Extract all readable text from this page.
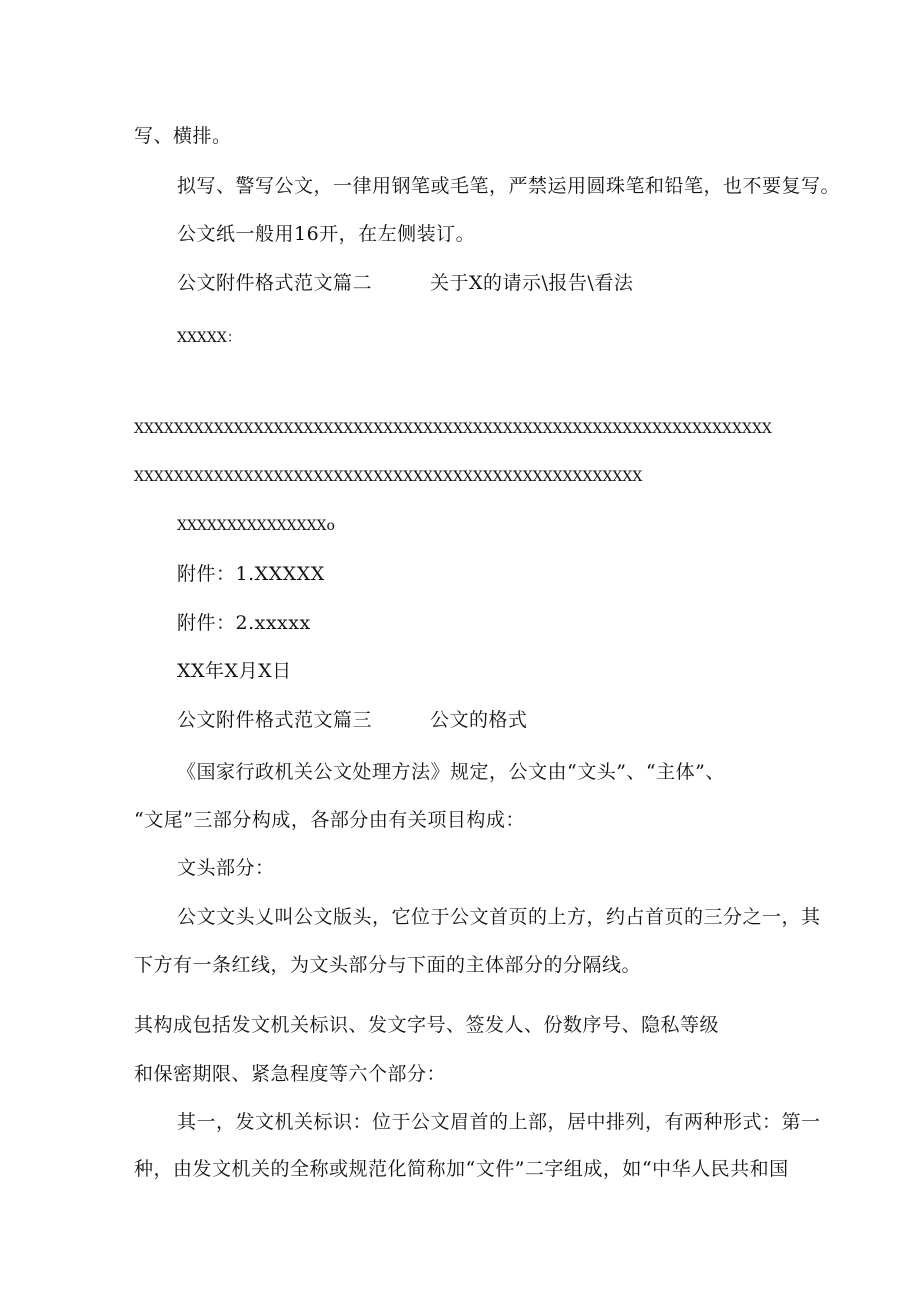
写、横排。
拟写、警写公文，一律用钢笔或毛笔，严禁运用圆珠笔和铅笔，也不要复写。
公文纸一般用16开，在左侧装订。
公文附件格式范文篇二	关于X的请示\报告\看法
XXXXX：
XXXXXXXXXXXXXXXXXXXXXXXXXXXXXXXXXXXXXXXXXXXXXXXXXXXXXXXXXXXXXXXX
XXXXXXXXXXXXXXXXXXXXXXXXXXXXXXXXXXXXXXXXXXXXXXXXXXX
XXXXXXXXXXXXXXXo
附件：1.XXXXX
附件：2.xxxxx
XX年X月X日
公文附件格式范文篇三	公文的格式
《国家行政机关公文处理方法》规定，公文由“文头”、“主体”、
“文尾”三部分构成，各部分由有关项目构成：
文头部分：
公文文头乂叫公文版头，它位于公文首页的上方，约占首页的三分之一，其
下方有一条红线，为文头部分与下面的主体部分的分隔线。
其构成包括发文机关标识、发文字号、签发人、份数序号、隐私等级
和保密期限、紧急程度等六个部分：
其一，发文机关标识：位于公文眉首的上部，居中排列，有两种形式：第一
种，由发文机关的全称或规范化简称加“文件”二字组成，如“中华人民共和国
